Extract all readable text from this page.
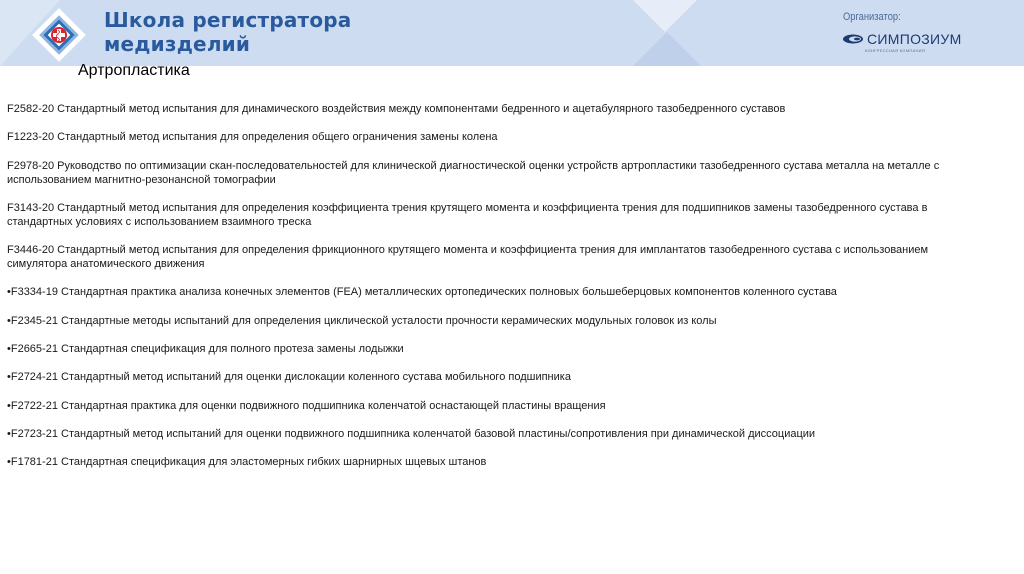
Школа регистратора
медизделий
Организатор:
СИМПОЗИУМ
КОНГРЕССНАЯ КОМПАНИЯ
Артропластика
F2582-20 Стандартный метод испытания для динамического воздействия между компонентами бедренного и ацетабулярного тазобедренного суставов
F1223-20 Стандартный метод испытания для определения общего ограничения замены колена
F2978-20 Руководство по оптимизации скан-последовательностей для клинической диагностической оценки устройств артропластики тазобедренного сустава металла на металле с использованием магнитно-резонансной томографии
F3143-20 Стандартный метод испытания для определения коэффициента трения крутящего момента и коэффициента трения для подшипников замены тазобедренного сустава в стандартных условиях с использованием взаимного треска
F3446-20 Стандартный метод испытания для определения фрикционного крутящего момента и коэффициента трения для имплантатов тазобедренного сустава с использованием симулятора анатомического движения
•F3334-19 Стандартная практика анализа конечных элементов (FEA) металлических ортопедических полновых большеберцовых компонентов коленного сустава
•F2345-21 Стандартные методы испытаний для определения циклической усталости прочности керамических модульных головок из колы
•F2665-21 Стандартная спецификация для полного протеза замены лодыжки
•F2724-21 Стандартный метод испытаний для оценки дислокации коленного сустава мобильного подшипника
•F2722-21 Стандартная практика для оценки подвижного подшипника коленчатой оснастающей пластины вращения
•F2723-21 Стандартный метод испытаний для оценки подвижного подшипника коленчатой базовой пластины/сопротивления при динамической диссоциации
•F1781-21 Стандартная спецификация для эластомерных гибких шарнирных шцевых штанов
